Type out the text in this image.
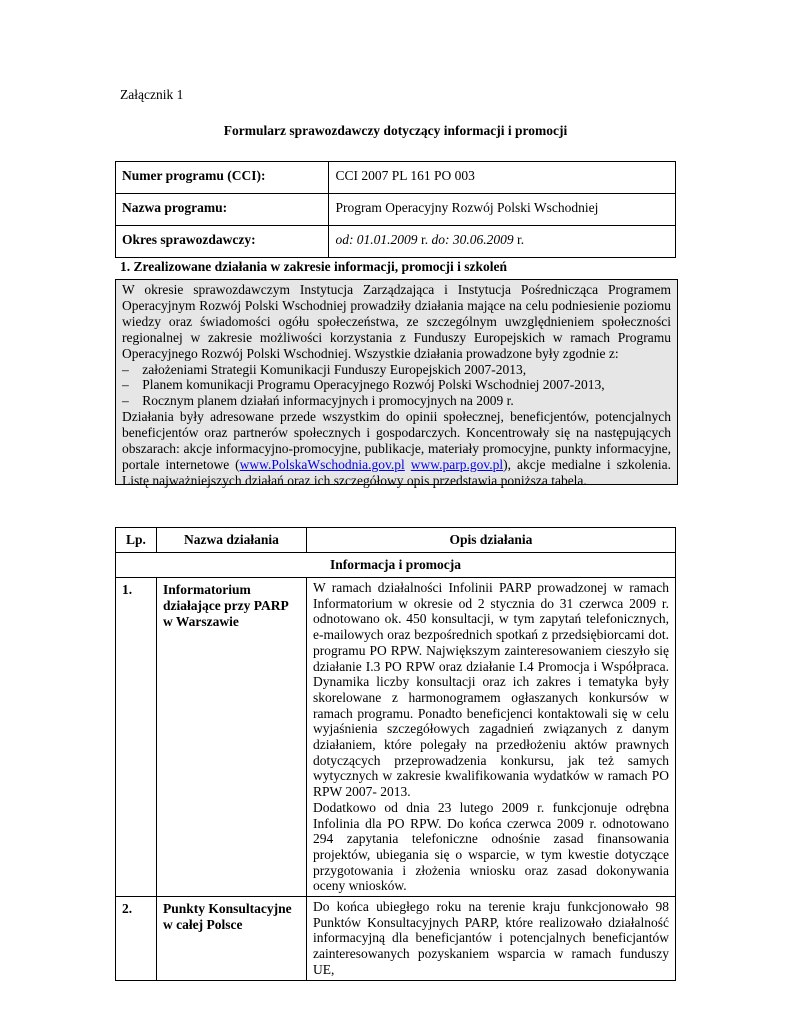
Załącznik 1
Formularz sprawozdawczy dotyczący informacji i promocji
Numer programu (CCI):	CCI 2007 PL 161 PO 003
Nazwa programu:	Program Operacyjny Rozwój Polski Wschodniej
Okres sprawozdawczy:	od: 01.01.2009 r. do: 30.06.2009 r.
1. Zrealizowane działania w zakresie informacji, promocji i szkoleń

W okresie sprawozdawczym Instytucja Zarządzająca i Instytucja Pośrednicząca Programem Operacyjnym Rozwój Polski Wschodniej prowadziły działania mające na celu podniesienie poziomu wiedzy oraz świadomości ogółu społeczeństwa, ze szczególnym uwzględnieniem społeczności regionalnej w zakresie możliwości korzystania z Funduszy Europejskich w ramach Programu Operacyjnego Rozwój Polski Wschodniej. Wszystkie działania prowadzone były zgodnie z:

–    założeniami Strategii Komunikacji Funduszy Europejskich 2007-2013,

–    Planem komunikacji Programu Operacyjnego Rozwój Polski Wschodniej 2007-2013,

–    Rocznym planem działań informacyjnych i promocyjnych na 2009 r.

Działania były adresowane przede wszystkim do opinii społecznej, beneficjentów, potencjalnych beneficjentów oraz partnerów społecznych i gospodarczych. Koncentrowały się na następujących obszarach: akcje informacyjno-promocyjne, publikacje, materiały promocyjne, punkty informacyjne, portale internetowe (www.PolskaWschodnia.gov.pl www.parp.gov.pl), akcje medialne i szkolenia. Listę najważniejszych działań oraz ich szczegółowy opis przedstawia poniższa tabela.

Lp.	Nazwa działania	Opis działania
Informacja i promocja		
1.	Informatorium działające przy PARP w Warszawie	W ramach działalności Infolinii PARP prowadzonej w ramach Informatorium w okresie od 2 stycznia do 31 czerwca 2009 r. odnotowano ok. 450 konsultacji, w tym zapytań telefonicznych, e-mailowych oraz bezpośrednich spotkań z przedsiębiorcami dot. programu PO RPW. Największym zainteresowaniem cieszyło się działanie I.3 PO RPW oraz działanie I.4 Promocja i Współpraca. Dynamika liczby konsultacji oraz ich zakres i tematyka były skorelowane z harmonogramem ogłaszanych konkursów w ramach programu. Ponadto beneficjenci kontaktowali się w celu wyjaśnienia szczegółowych zagadnień związanych z danym działaniem, które polegały na przedłożeniu aktów prawnych dotyczących przeprowadzenia konkursu, jak też samych wytycznych w zakresie kwalifikowania wydatków w ramach PO RPW 2007- 2013.

Dodatkowo od dnia 23 lutego 2009 r. funkcjonuje odrębna Infolinia dla PO RPW. Do końca czerwca 2009 r. odnotowano 294 zapytania telefoniczne odnośnie zasad finansowania projektów, ubiegania się o wsparcie, w tym kwestie dotyczące przygotowania i złożenia wniosku oraz zasad dokonywania oceny wniosków.

2.	Punkty Konsultacyjne w całej Polsce	Do końca ubiegłego roku na terenie kraju funkcjonowało 98 Punktów Konsultacyjnych PARP, które realizowało działalność informacyjną dla beneficjantów i potencjalnych beneficjantów zainteresowanych pozyskaniem wsparcia w ramach funduszy UE,
